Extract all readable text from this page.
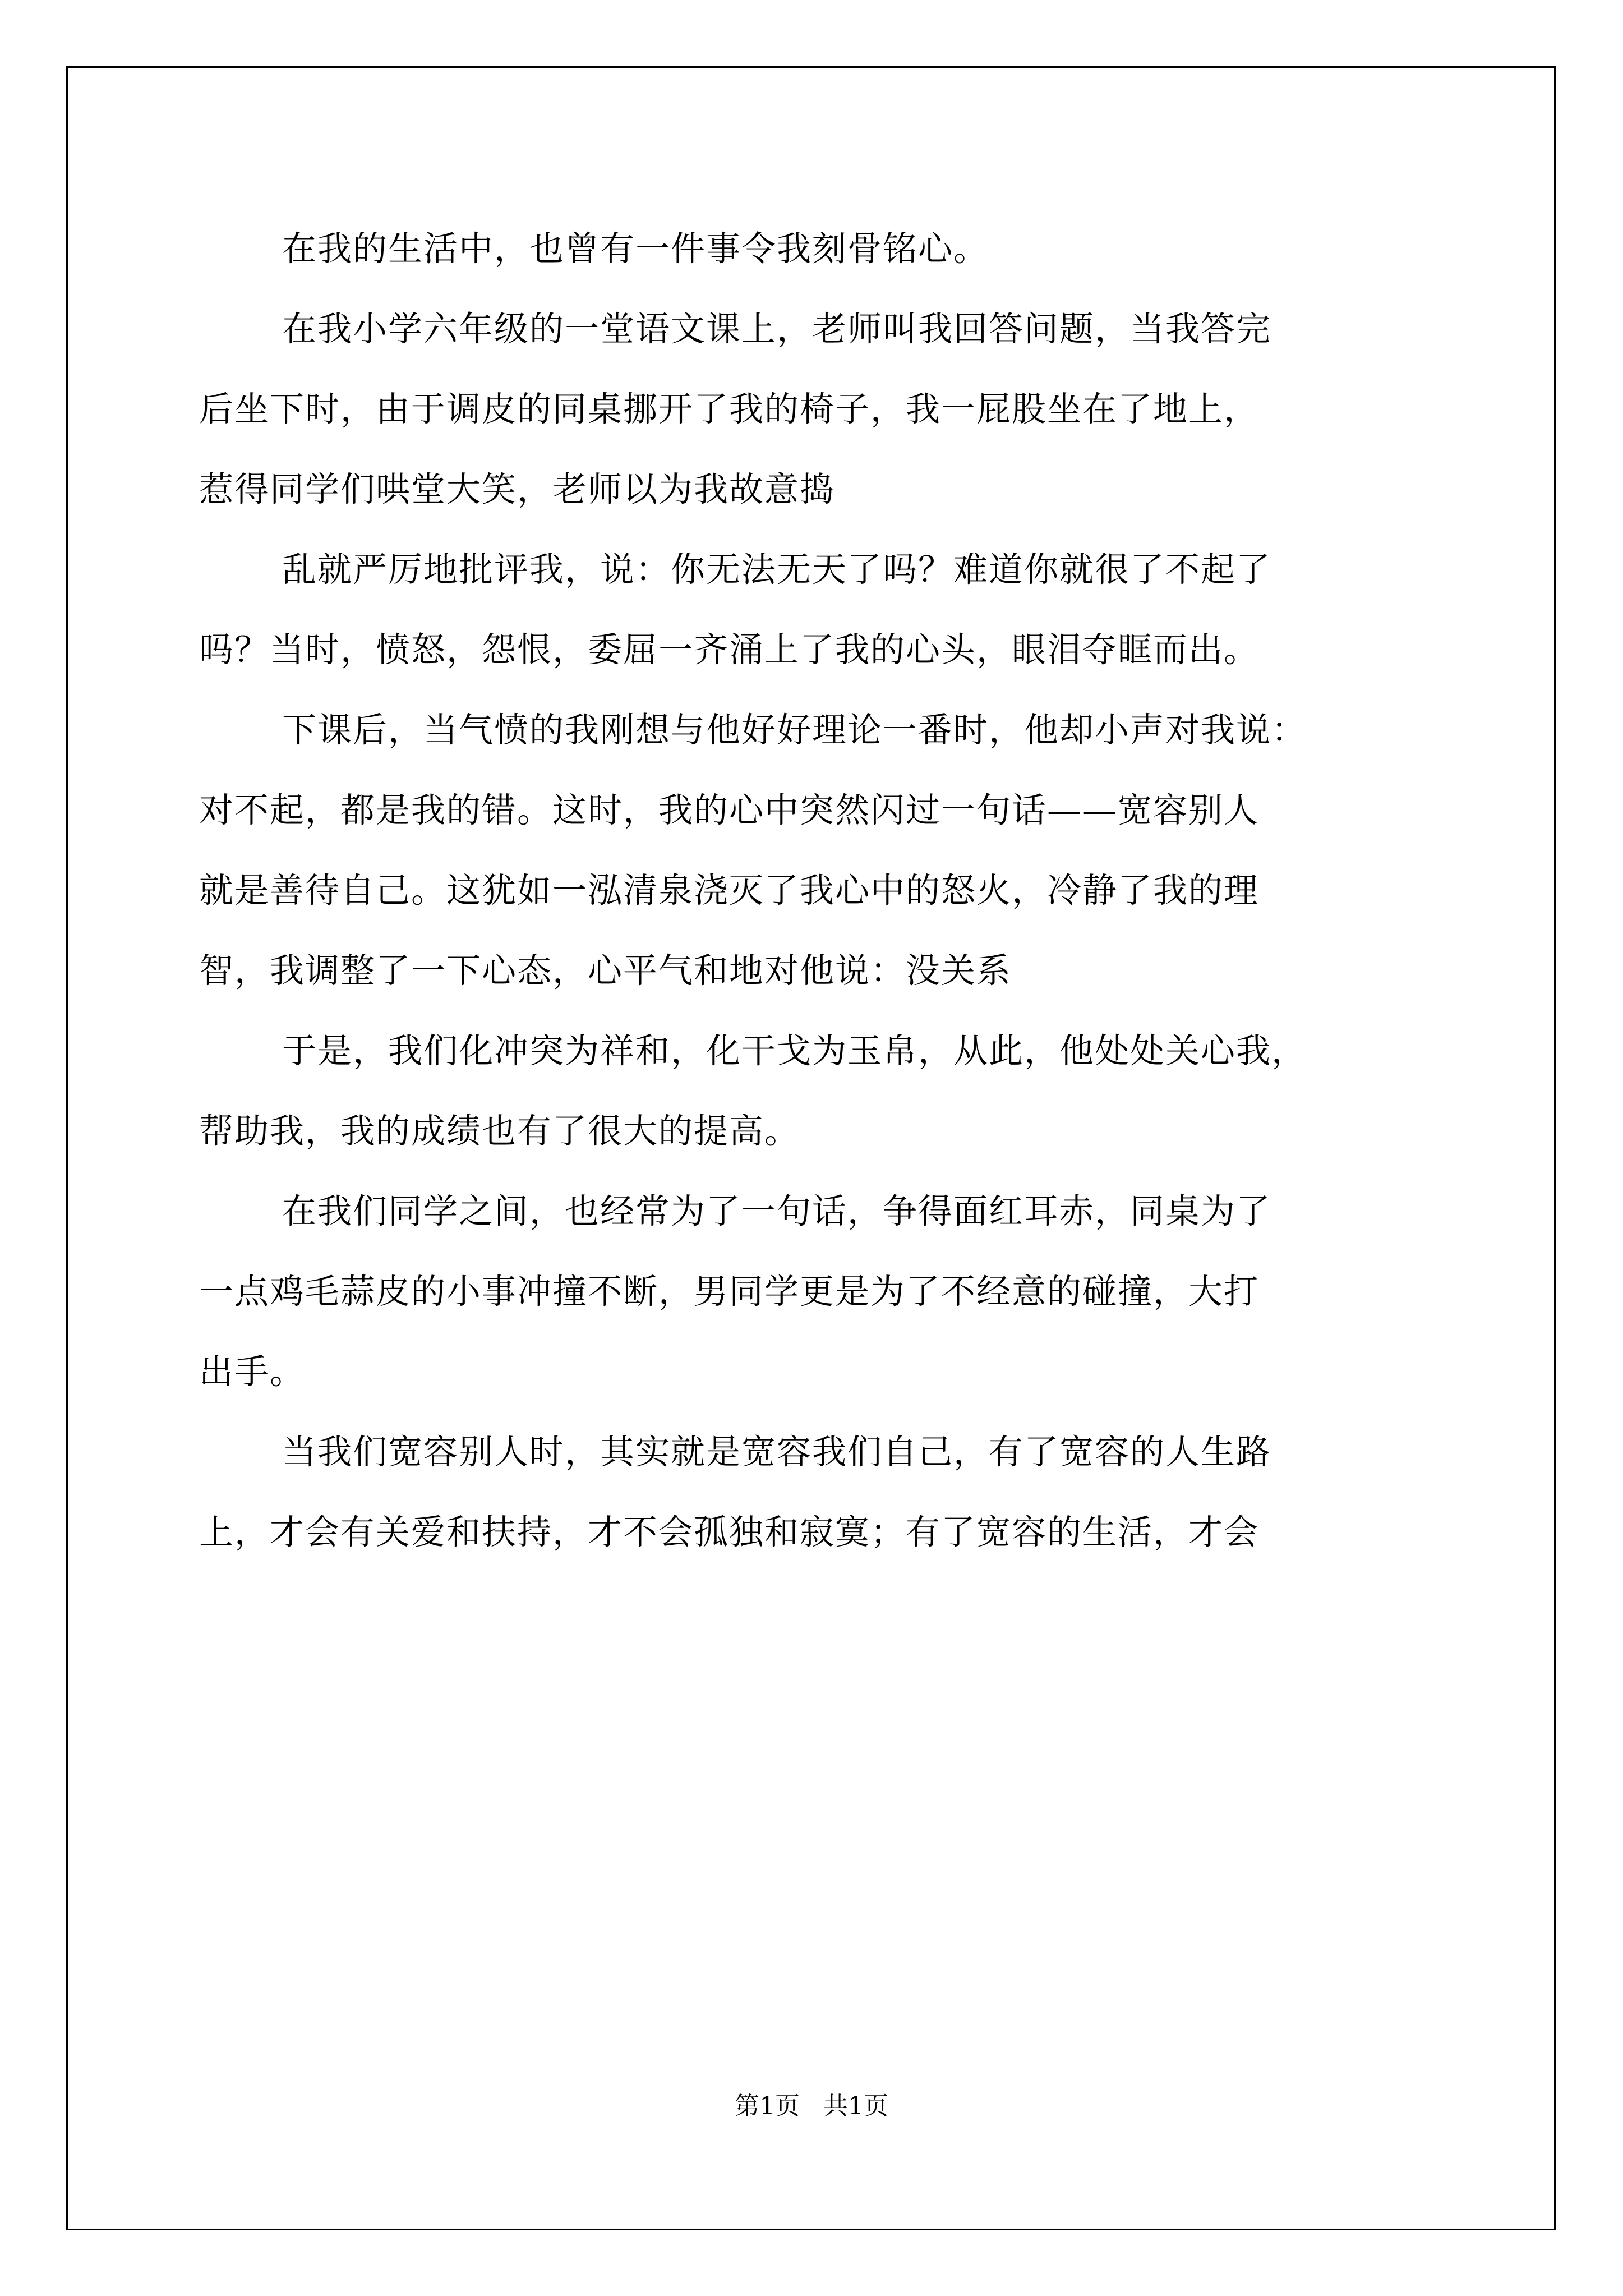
在我的生活中，也曾有一件事令我刻骨铭心。
在我小学六年级的一堂语文课上，老师叫我回答问题，当我答完
后坐下时，由于调皮的同桌挪开了我的椅子，我一屁股坐在了地上，
惹得同学们哄堂大笑，老师以为我故意捣
乱就严厉地批评我，说：你无法无天了吗？难道你就很了不起了
吗？当时，愤怒，怨恨，委屈一齐涌上了我的心头，眼泪夺眶而出。
下课后，当气愤的我刚想与他好好理论一番时，他却小声对我说：
对不起，都是我的错。这时，我的心中突然闪过一句话——宽容别人
就是善待自己。这犹如一泓清泉浇灭了我心中的怒火，冷静了我的理
智，我调整了一下心态，心平气和地对他说：没关系
于是，我们化冲突为祥和，化干戈为玉帛，从此，他处处关心我，
帮助我，我的成绩也有了很大的提高。
在我们同学之间，也经常为了一句话，争得面红耳赤，同桌为了
一点鸡毛蒜皮的小事冲撞不断，男同学更是为了不经意的碰撞，大打
出手。
当我们宽容别人时，其实就是宽容我们自己，有了宽容的人生路
上，才会有关爱和扶持，才不会孤独和寂寞；有了宽容的生活，才会
第1页   共1页
